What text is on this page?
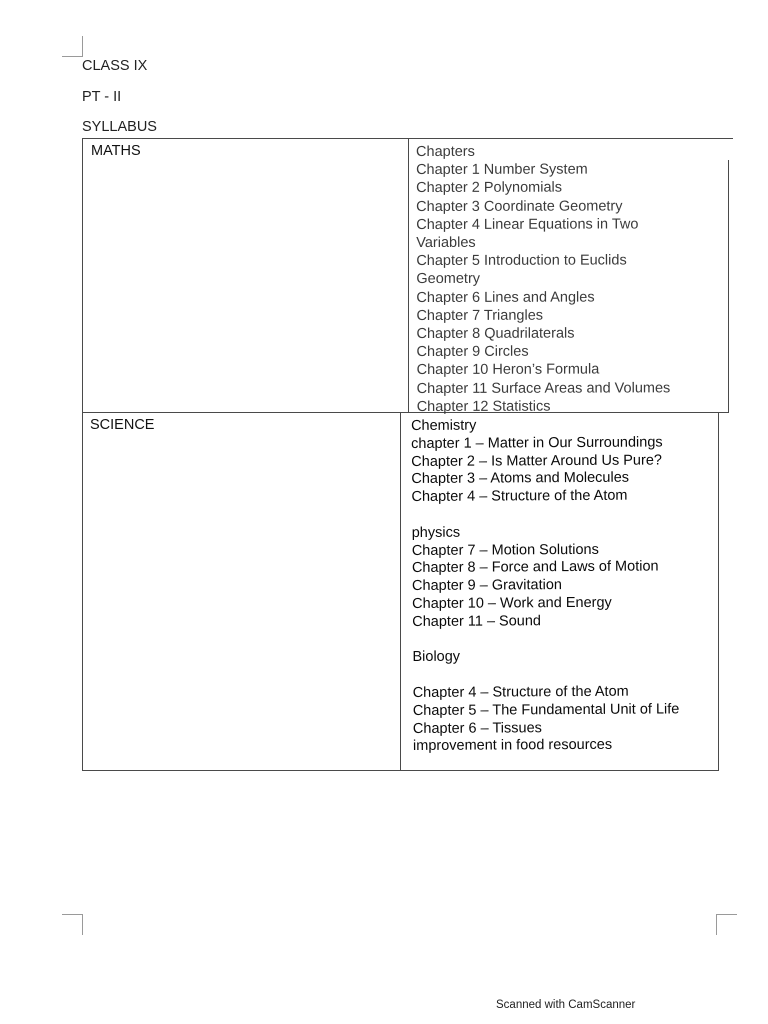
CLASS IX
PT - II
SYLLABUS
MATHS	Chapters
Chapter 1 Number System
Chapter 2 Polynomials
Chapter 3 Coordinate Geometry
Chapter 4 Linear Equations in Two
Variables
Chapter 5 Introduction to Euclids
Geometry
Chapter 6 Lines and Angles
Chapter 7 Triangles
Chapter 8 Quadrilaterals
Chapter 9 Circles
Chapter 10 Heron’s Formula
Chapter 11 Surface Areas and Volumes
Chapter 12 Statistics
SCIENCE	Chemistry
chapter 1 – Matter in Our Surroundings
Chapter 2 – Is Matter Around Us Pure?
Chapter 3 – Atoms and Molecules
Chapter 4 – Structure of the Atom
physics
Chapter 7 – Motion Solutions
Chapter 8 – Force and Laws of Motion
Chapter 9 – Gravitation
Chapter 10 – Work and Energy
Chapter 11 – Sound
Biology
Chapter 4 – Structure of the Atom
Chapter 5 – The Fundamental Unit of Life
Chapter 6 – Tissues
improvement in food resources
Scanned with CamScanner
